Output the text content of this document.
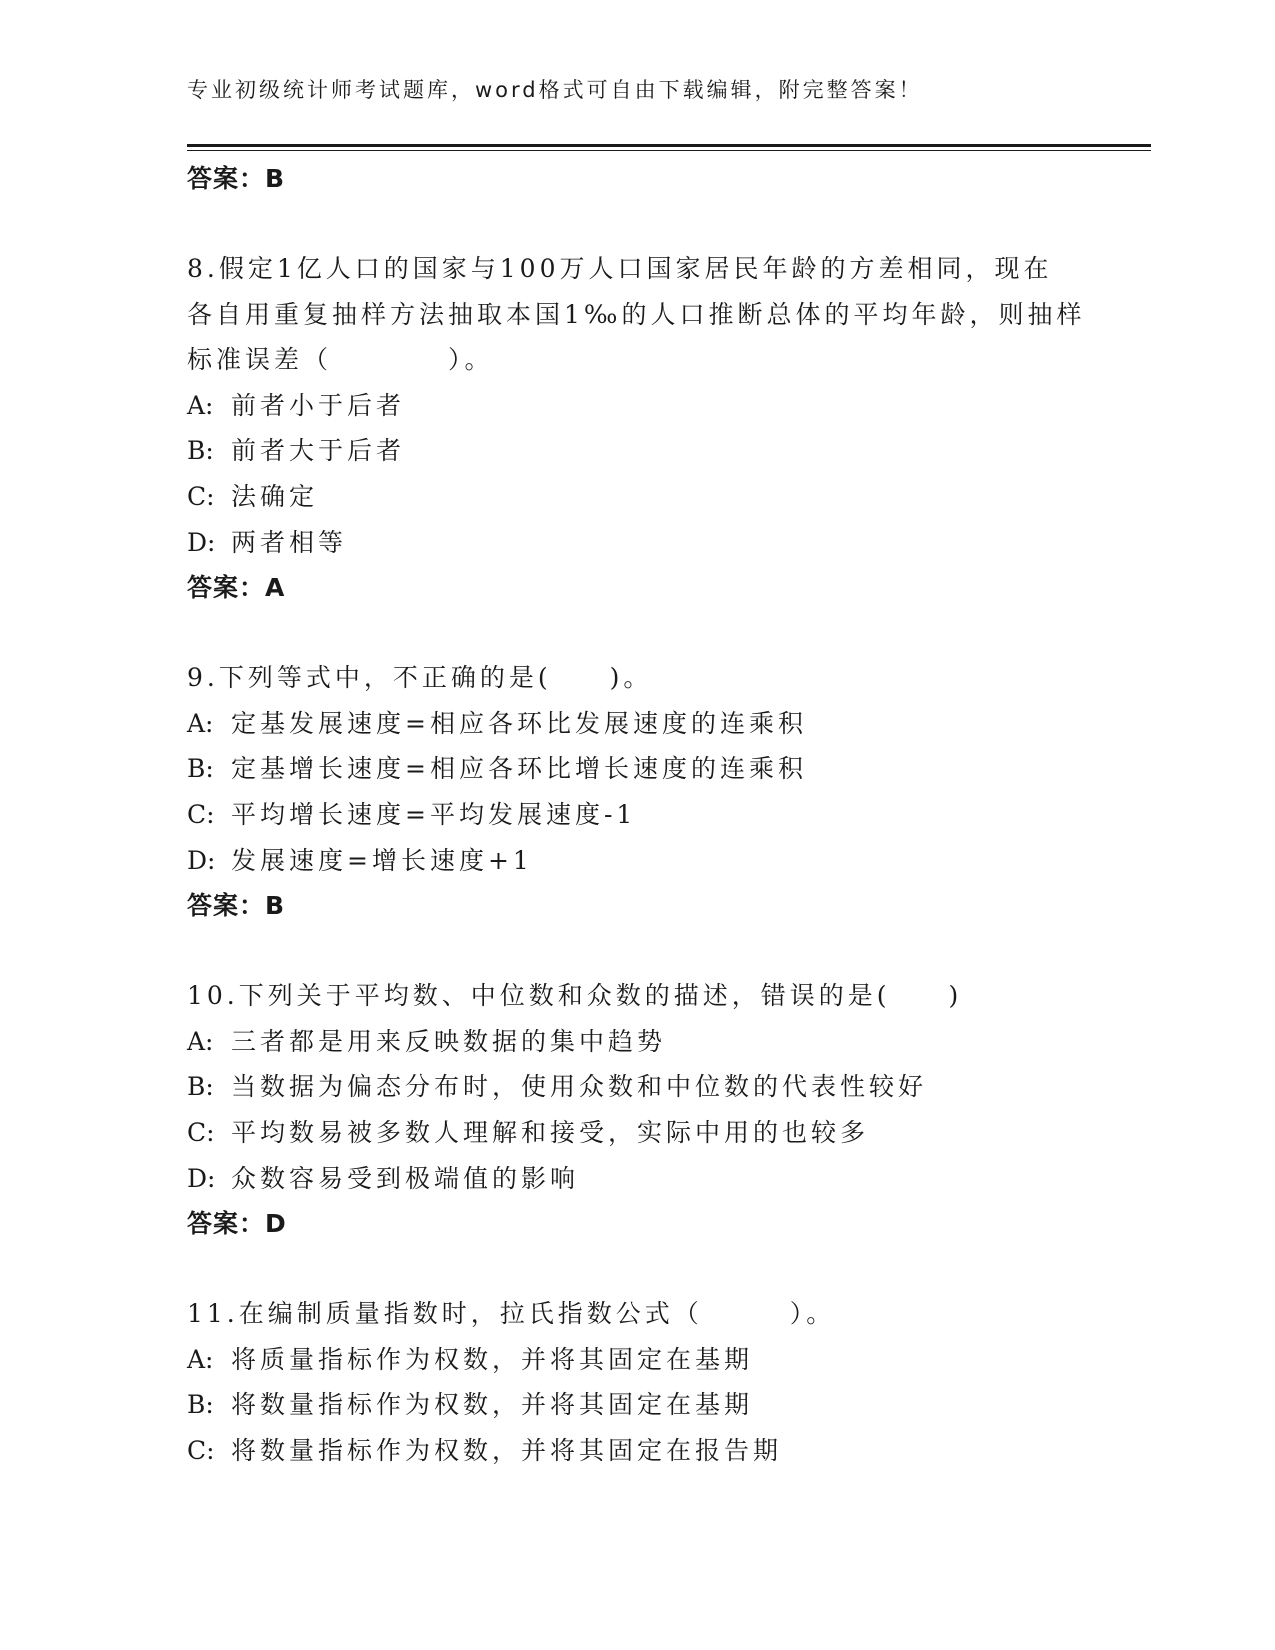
专业初级统计师考试题库，word格式可自由下载编辑，附完整答案！
答案：B
8.假定1亿人口的国家与100万人口国家居民年龄的方差相同，现在
各自用重复抽样方法抽取本国1‰的人口推断总体的平均年龄，则抽样
标准误差（　　　　）。
A: 前者小于后者
B: 前者大于后者
C: 法确定
D: 两者相等
答案：A
9.下列等式中，不正确的是(　　)。
A: 定基发展速度=相应各环比发展速度的连乘积
B: 定基增长速度=相应各环比增长速度的连乘积
C: 平均增长速度=平均发展速度-1
D: 发展速度=增长速度+1
答案：B
10.下列关于平均数、中位数和众数的描述，错误的是(　　)
A: 三者都是用来反映数据的集中趋势
B: 当数据为偏态分布时，使用众数和中位数的代表性较好
C: 平均数易被多数人理解和接受，实际中用的也较多
D: 众数容易受到极端值的影响
答案：D
11.在编制质量指数时，拉氏指数公式（　　　）。
A: 将质量指标作为权数，并将其固定在基期
B: 将数量指标作为权数，并将其固定在基期
C: 将数量指标作为权数，并将其固定在报告期
